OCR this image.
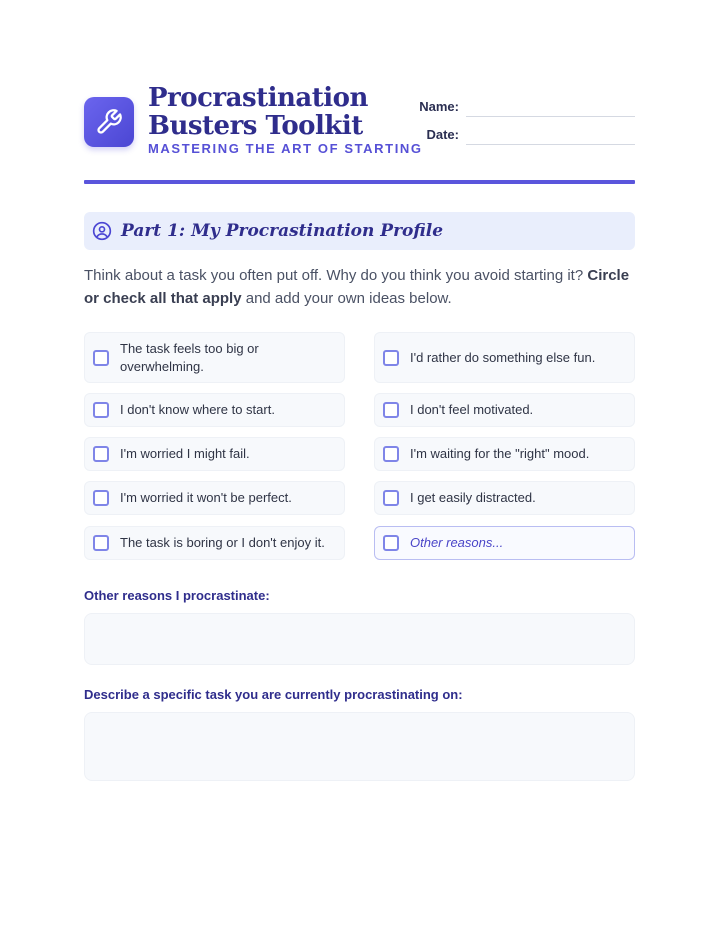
Procrastination
Busters Toolkit
MASTERING THE ART OF STARTING
Name:
Date:
Part 1: My Procrastination Profile
Think about a task you often put off. Why do you think you avoid starting it? Circle or check all that apply and add your own ideas below.
The task feels too big or overwhelming.
I'd rather do something else fun.
I don't know where to start.	I don't feel motivated.
I'm worried I might fail.	I'm waiting for the "right" mood.
I'm worried it won't be perfect.	I get easily distracted.
The task is boring or I don't enjoy it.	Other reasons...
Other reasons I procrastinate:
Describe a specific task you are currently procrastinating on:
